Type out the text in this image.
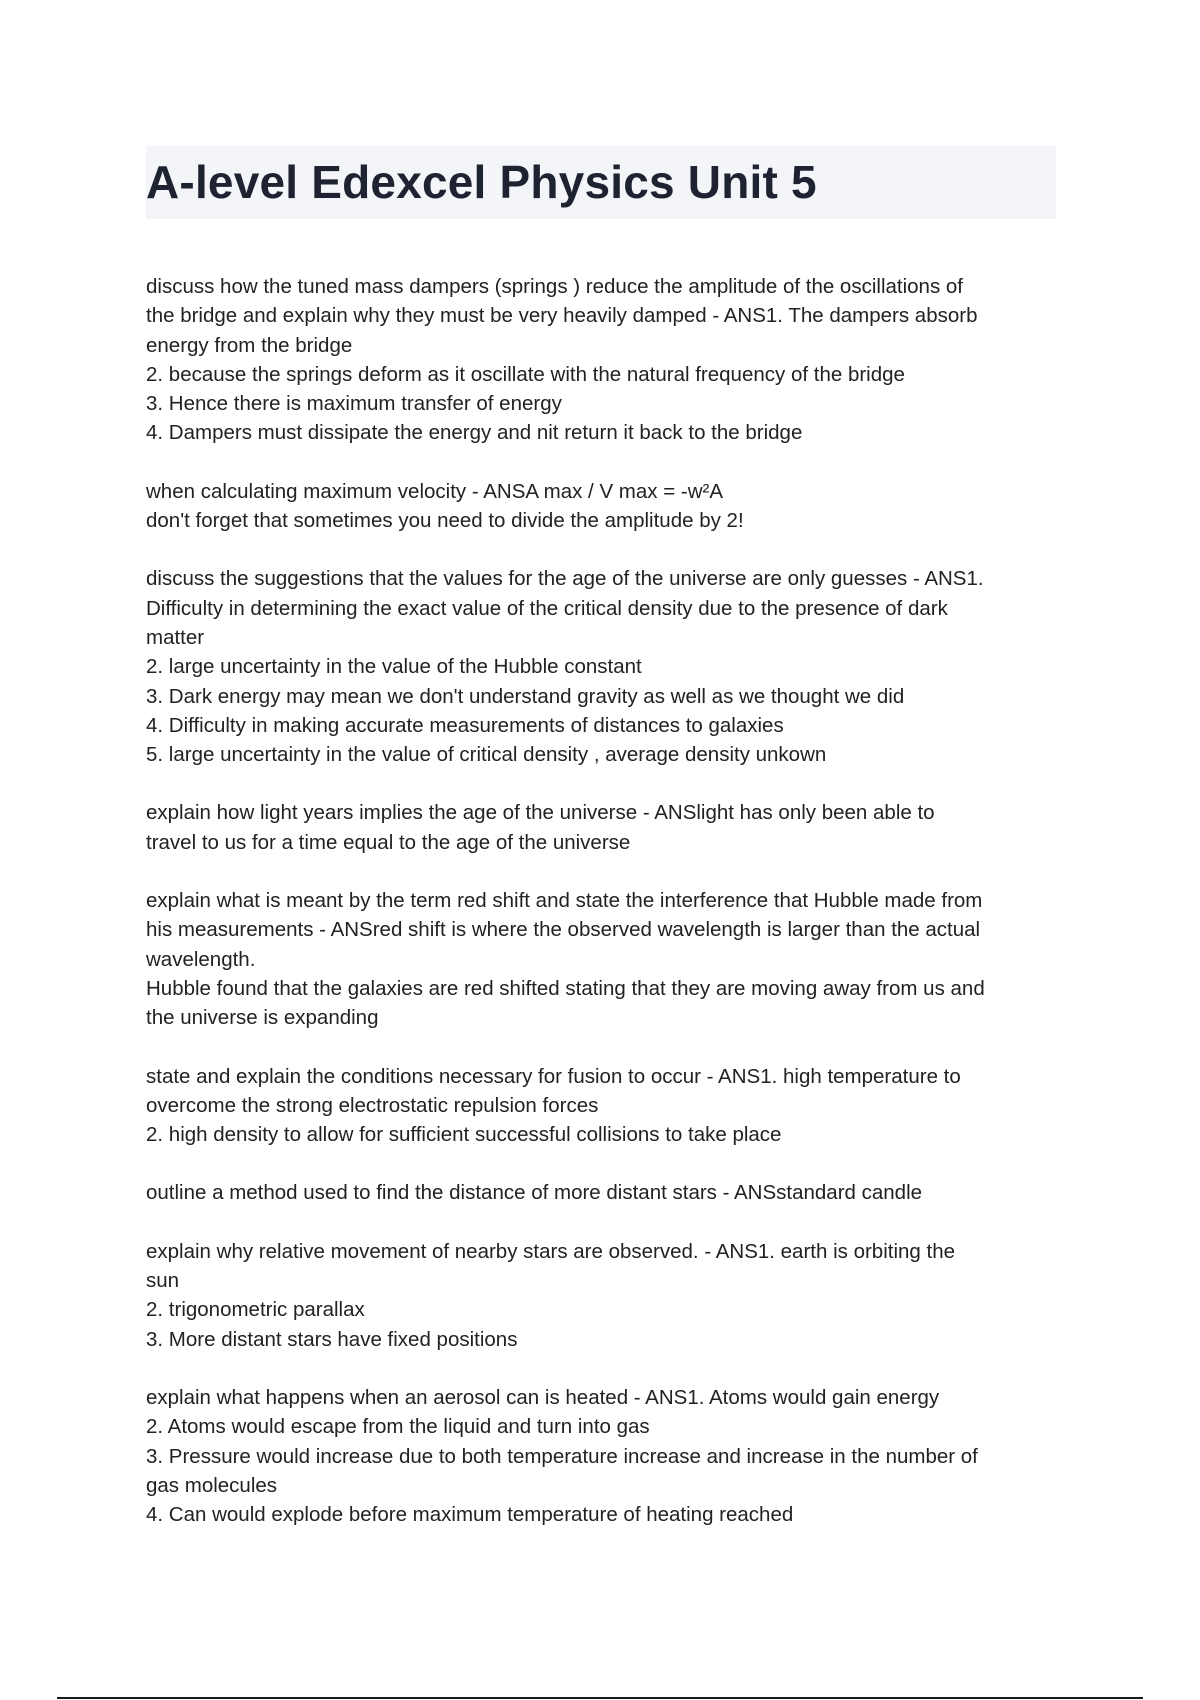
A-level Edexcel Physics Unit 5
discuss how the tuned mass dampers (springs ) reduce the amplitude of the oscillations of
the bridge and explain why they must be very heavily damped - ANS1. The dampers absorb
energy from the bridge
2. because the springs deform as it oscillate with the natural frequency of the bridge
3. Hence there is maximum transfer of energy
4. Dampers must dissipate the energy and nit return it back to the bridge
when calculating maximum velocity - ANSA max / V max = -w²A
don't forget that sometimes you need to divide the amplitude by 2!
discuss the suggestions that the values for the age of the universe are only guesses - ANS1.
Difficulty in determining the exact value of the critical density due to the presence of dark
matter
2. large uncertainty in the value of the Hubble constant
3. Dark energy may mean we don't understand gravity as well as we thought we did
4. Difficulty in making accurate measurements of distances to galaxies
5. large uncertainty in the value of critical density , average density unkown
explain how light years implies the age of the universe - ANSlight has only been able to
travel to us for a time equal to the age of the universe
explain what is meant by the term red shift and state the interference that Hubble made from
his measurements - ANSred shift is where the observed wavelength is larger than the actual
wavelength.
Hubble found that the galaxies are red shifted stating that they are moving away from us and
the universe is expanding
state and explain the conditions necessary for fusion to occur - ANS1. high temperature to
overcome the strong electrostatic repulsion forces
2. high density to allow for sufficient successful collisions to take place
outline a method used to find the distance of more distant stars - ANSstandard candle
explain why relative movement of nearby stars are observed. - ANS1. earth is orbiting the
sun
2. trigonometric parallax
3. More distant stars have fixed positions
explain what happens when an aerosol can is heated - ANS1. Atoms would gain energy
2. Atoms would escape from the liquid and turn into gas
3. Pressure would increase due to both temperature increase and increase in the number of
gas molecules
4. Can would explode before maximum temperature of heating reached
